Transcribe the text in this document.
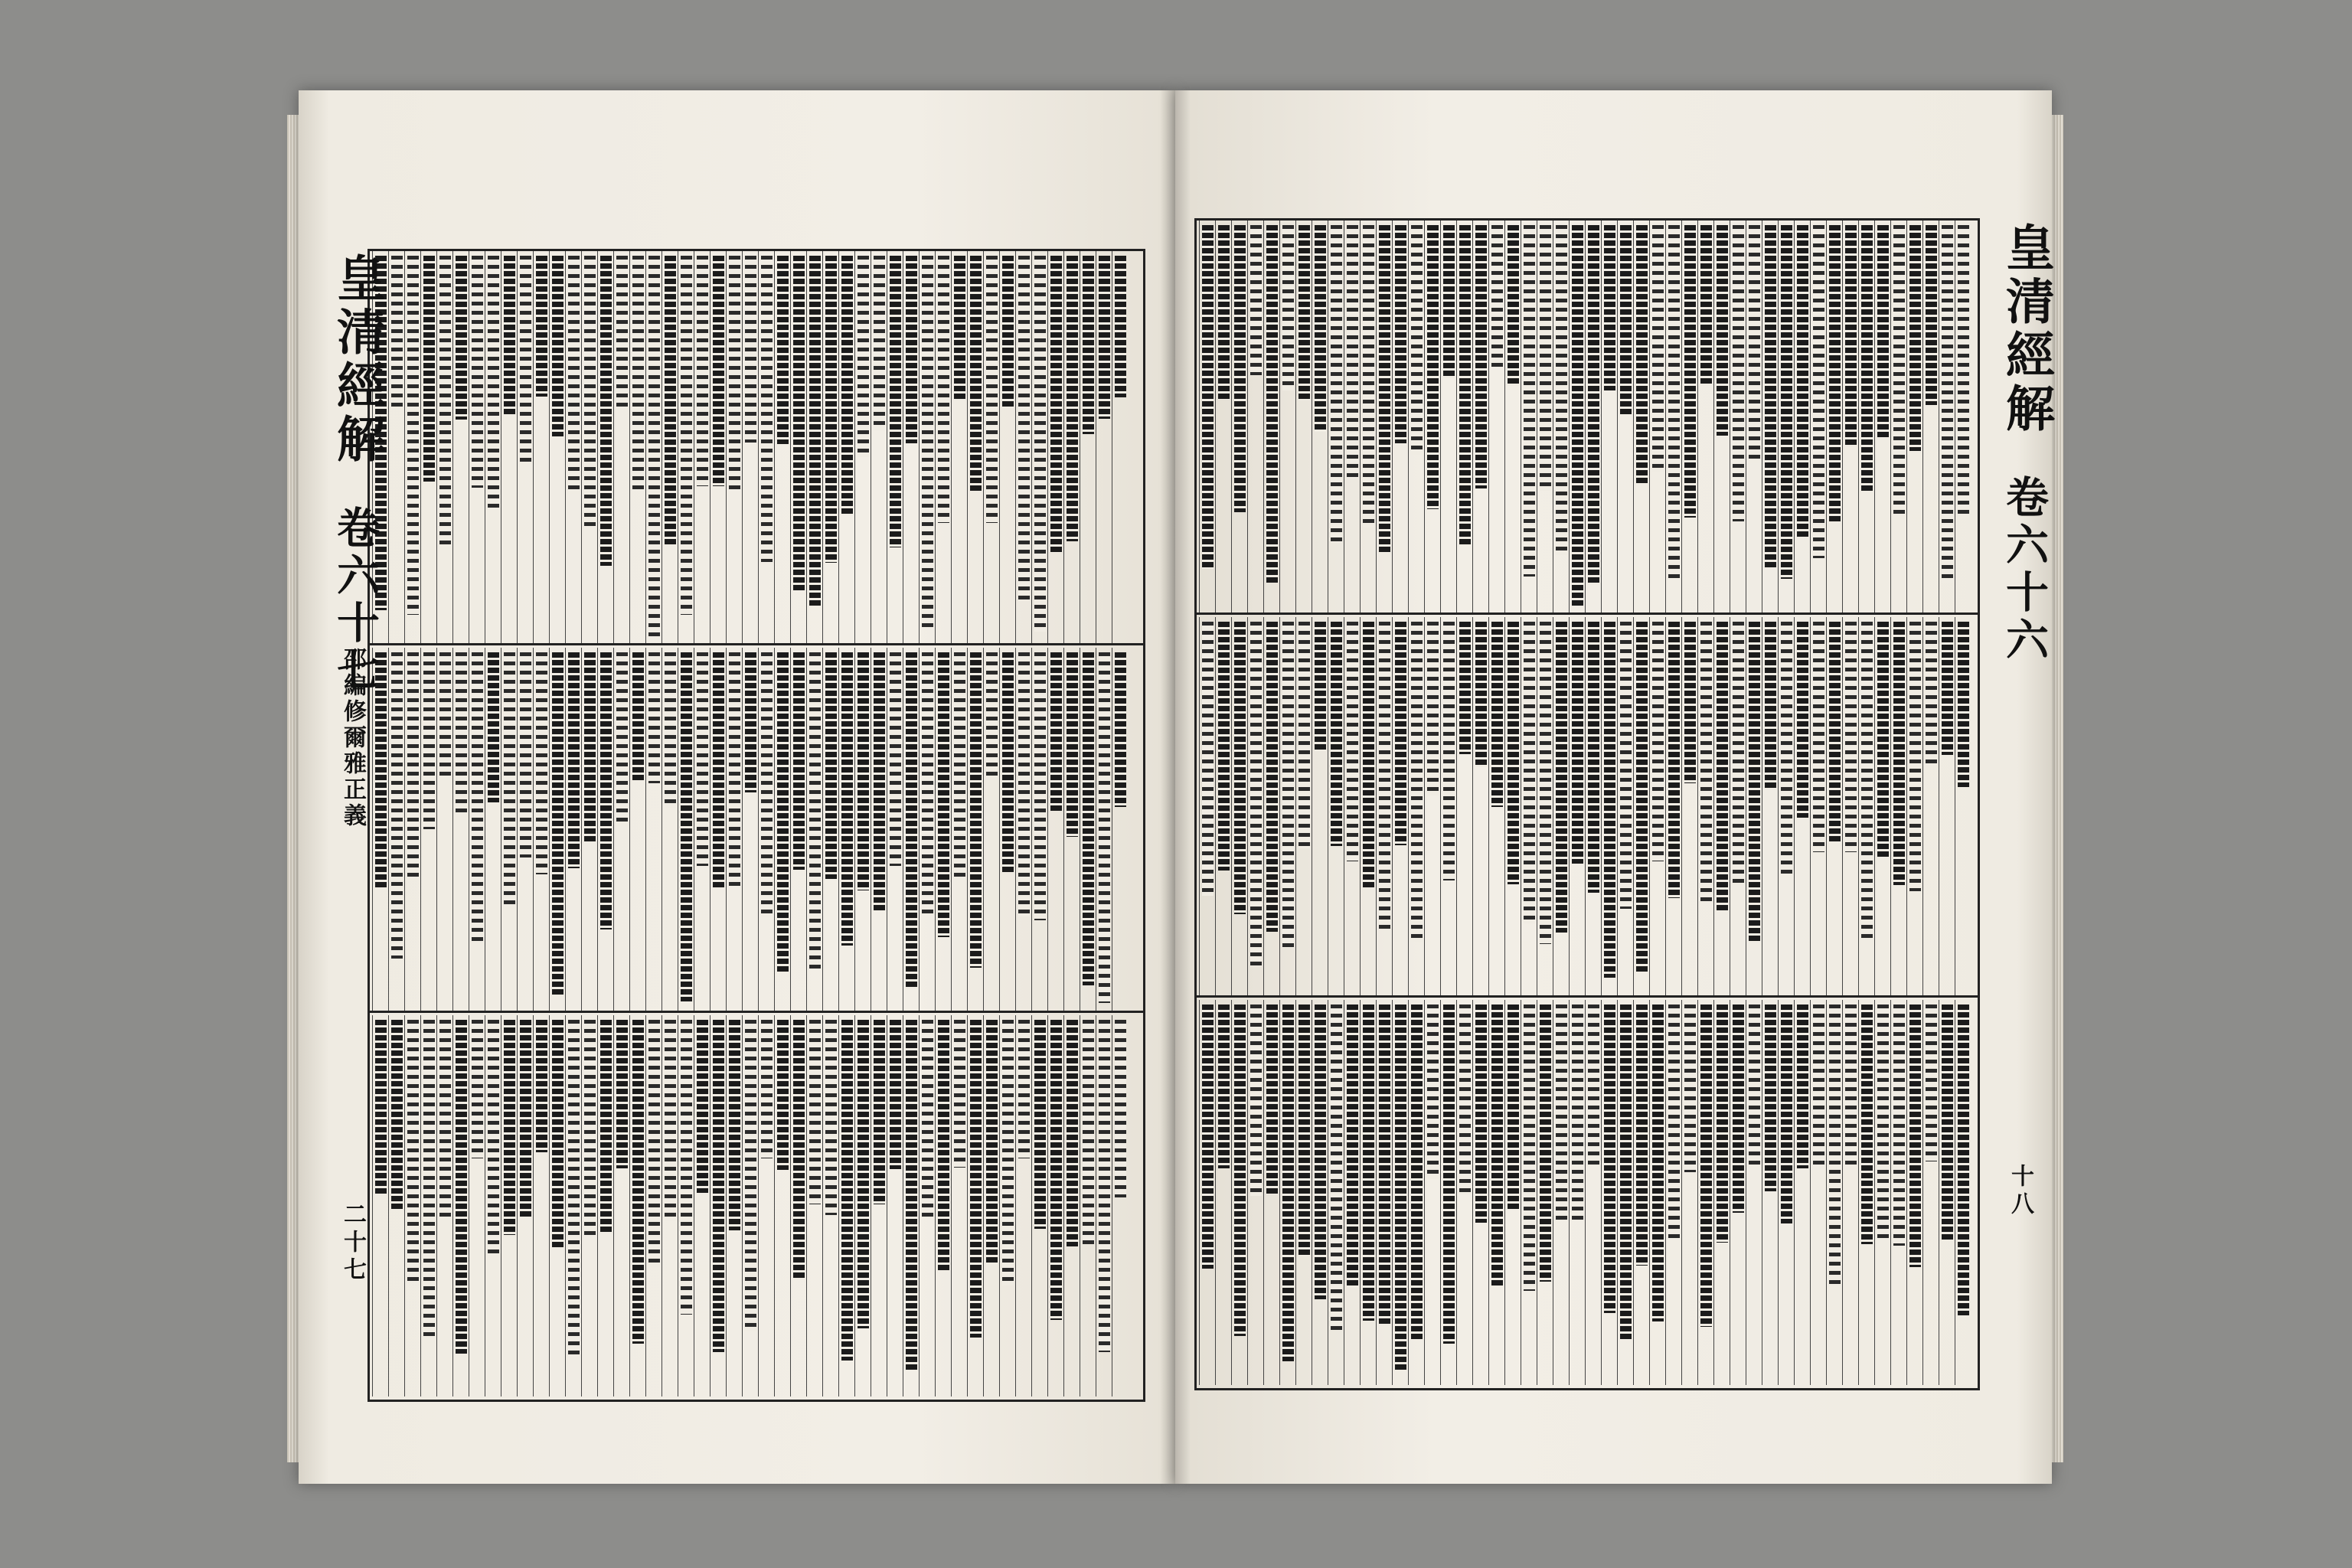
皇清經解
卷六十七
邵編修爾雅正義
二十七
皇清經解
卷六十六
十八
